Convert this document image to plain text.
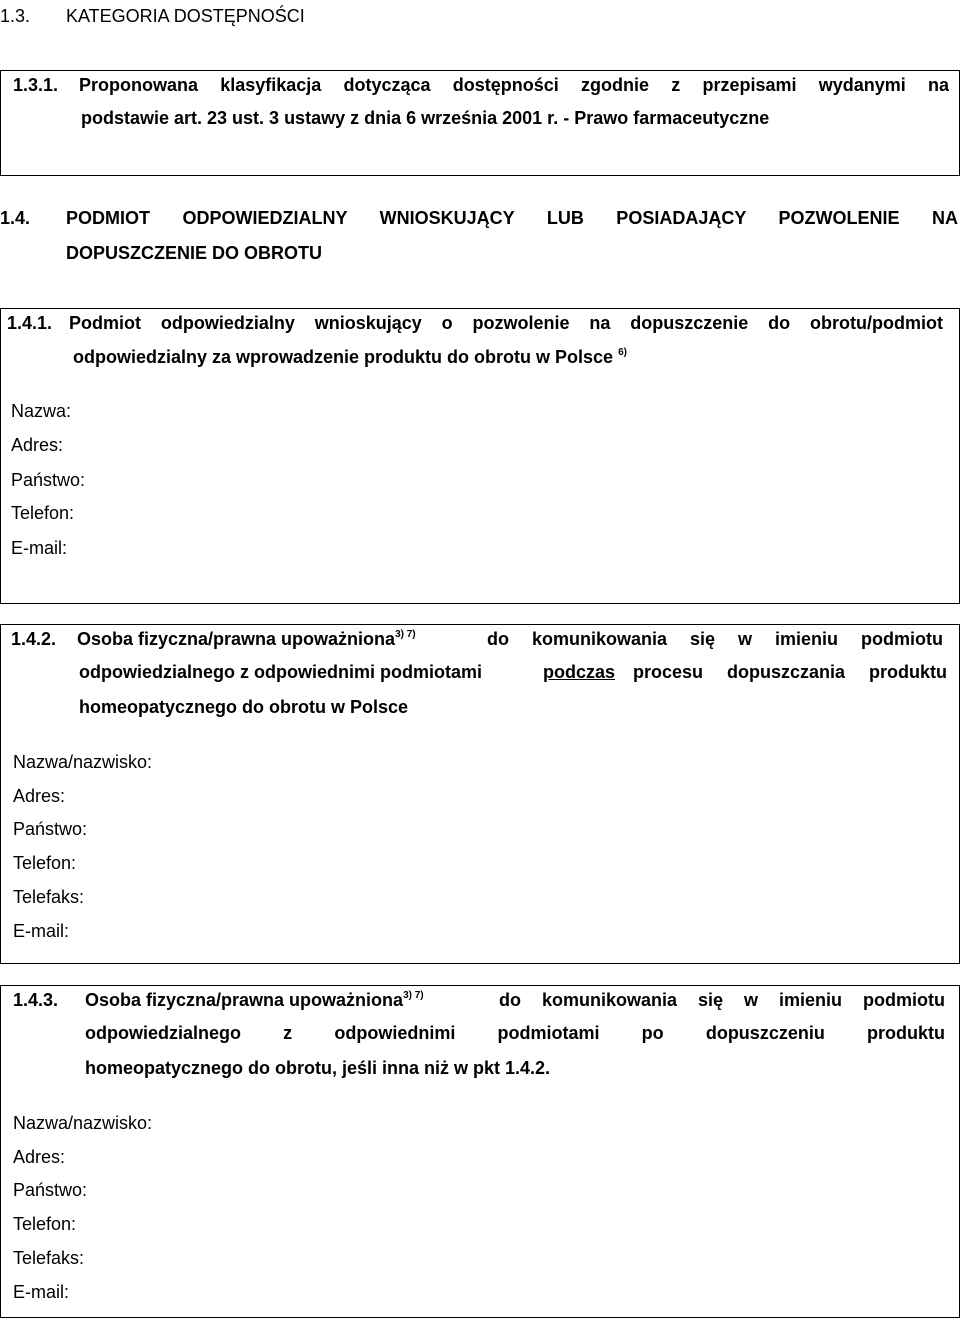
1.3. KATEGORIA DOSTĘPNOŚCI
1.3.1. Proponowana klasyfikacja dotycząca dostępności zgodnie z przepisami wydanymi na
podstawie art. 23 ust. 3 ustawy z dnia 6 września 2001 r. - Prawo farmaceutyczne
1.4. PODMIOT ODPOWIEDZIALNY WNIOSKUJĄCY LUB POSIADAJĄCY POZWOLENIE NA
DOPUSZCZENIE DO OBROTU
1.4.1. Podmiot odpowiedzialny wnioskujący o pozwolenie na dopuszczenie do obrotu/podmiot
odpowiedzialny za wprowadzenie produktu do obrotu w Polsce $^{6)}$
Nazwa:
Adres:
Państwo:
Telefon:
E-mail:
1.4.2. Osoba fizyczna/prawna upoważniona$^{3) 7)}$	do komunikowania się w imieniu podmiotu
odpowiedzialnego z odpowiednimi podmiotami	podczas procesu dopuszczania produktu
homeopatycznego do obrotu w Polsce
Nazwa/nazwisko:
Adres:
Państwo:
Telefon:
Telefaks:
E-mail:
1.4.3. Osoba fizyczna/prawna upoważniona$^{3) 7)}$	do komunikowania się w imieniu podmiotu
odpowiedzialnego z odpowiednimi podmiotami po dopuszczeniu produktu
homeopatycznego do obrotu, jeśli inna niż w pkt 1.4.2.
Nazwa/nazwisko:
Adres:
Państwo:
Telefon:
Telefaks:
E-mail:
